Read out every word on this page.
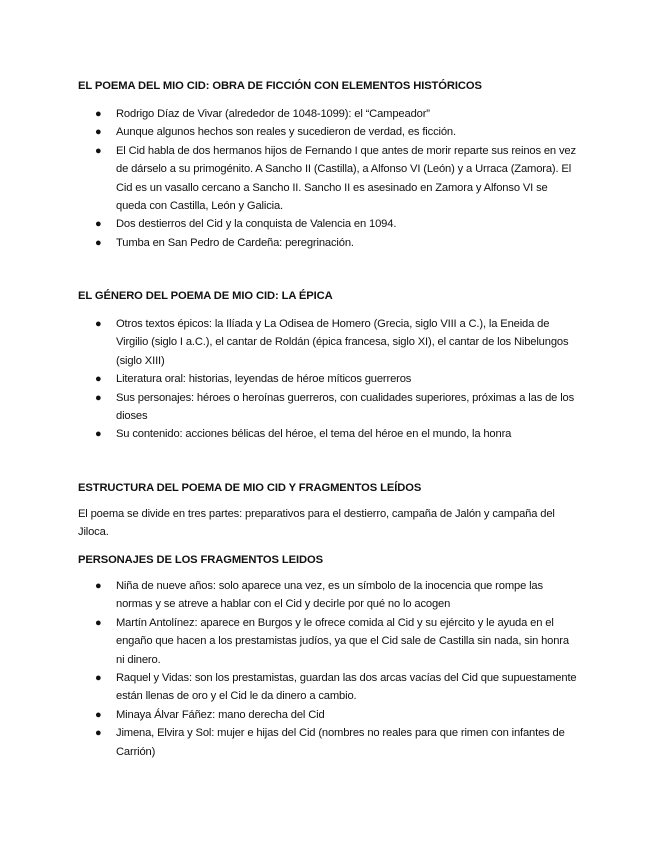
EL POEMA DEL MIO CID: OBRA DE FICCIÓN CON ELEMENTOS HISTÓRICOS
● Rodrigo Díaz de Vivar (alrededor de 1048-1099): el “Campeador”
● Aunque algunos hechos son reales y sucedieron de verdad, es ficción.
● El Cid habla de dos hermanos hijos de Fernando I que antes de morir reparte sus reinos en vez de dárselo a su primogénito. A Sancho II (Castilla), a Alfonso VI (León) y a Urraca (Zamora). El Cid es un vasallo cercano a Sancho II. Sancho II es asesinado en Zamora y Alfonso VI se queda con Castilla, León y Galicia.
● Dos destierros del Cid y la conquista de Valencia en 1094.
● Tumba en San Pedro de Cardeña: peregrinación.
EL GÉNERO DEL POEMA DE MIO CID: LA ÉPICA
● Otros textos épicos: la Ilíada y La Odisea de Homero (Grecia, siglo VIII a C.), la Eneida de Virgilio (siglo I a.C.), el cantar de Roldán (épica francesa, siglo XI), el cantar de los Nibelungos (siglo XIII)
● Literatura oral: historias, leyendas de héroe míticos guerreros
● Sus personajes: héroes o heroínas guerreros, con cualidades superiores, próximas a las de los dioses
● Su contenido: acciones bélicas del héroe, el tema del héroe en el mundo, la honra
ESTRUCTURA DEL POEMA DE MIO CID Y FRAGMENTOS LEÍDOS

El poema se divide en tres partes: preparativos para el destierro, campaña de Jalón y campaña del Jiloca.

PERSONAJES DE LOS FRAGMENTOS LEIDOS
● Niña de nueve años: solo aparece una vez, es un símbolo de la inocencia que rompe las normas y se atreve a hablar con el Cid y decirle por qué no lo acogen
● Martín Antolínez: aparece en Burgos y le ofrece comida al Cid y su ejército y le ayuda en el engaño que hacen a los prestamistas judíos, ya que el Cid sale de Castilla sin nada, sin honra ni dinero.
● Raquel y Vidas: son los prestamistas, guardan las dos arcas vacías del Cid que supuestamente están llenas de oro y el Cid le da dinero a cambio.
● Minaya Álvar Fáñez: mano derecha del Cid
● Jimena, Elvira y Sol: mujer e hijas del Cid (nombres no reales para que rimen con infantes de Carrión)
